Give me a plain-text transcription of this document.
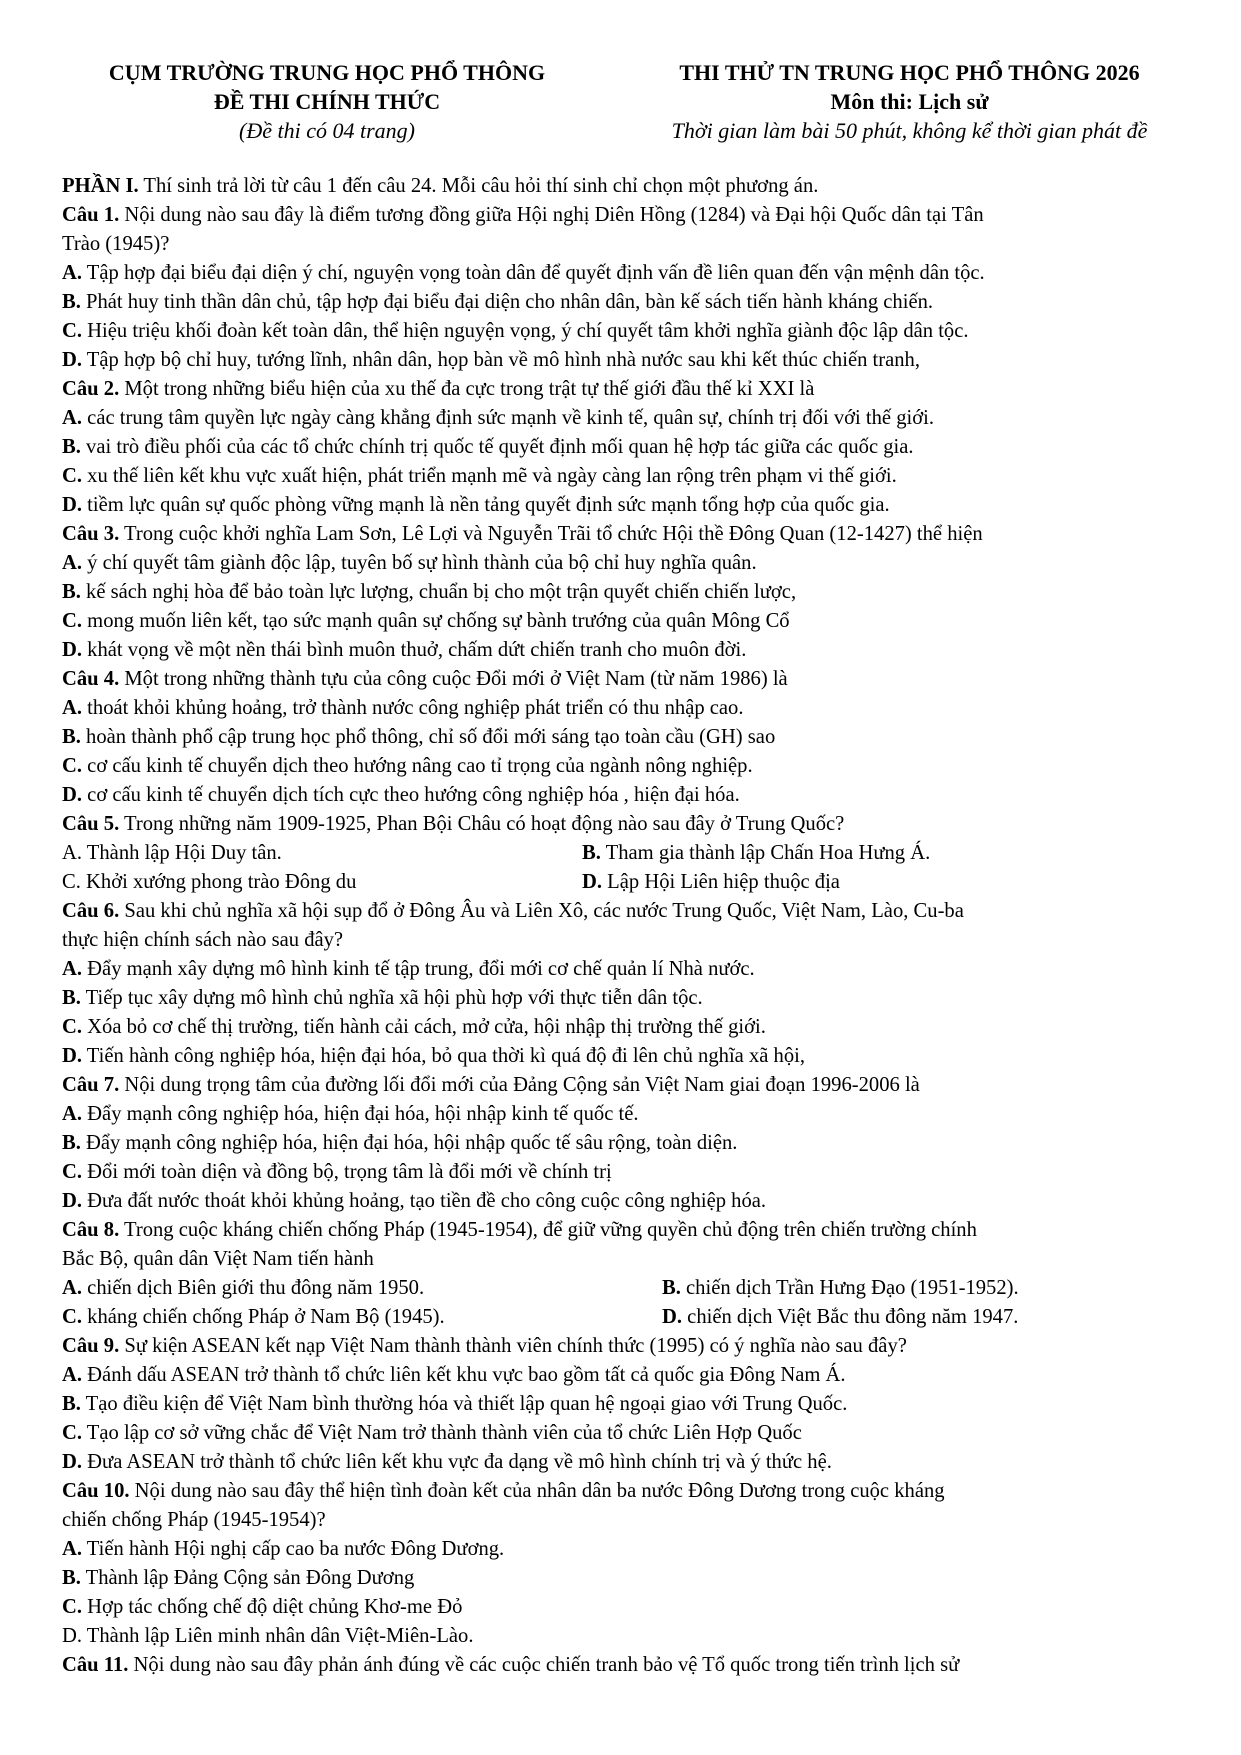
CỤM TRƯỜNG TRUNG HỌC PHỔ THÔNG
ĐỀ THI CHÍNH THỨC
(Đề thi có 04 trang)
THI THỬ TN TRUNG HỌC PHỔ THÔNG 2026
Môn thi: Lịch sử
Thời gian làm bài 50 phút, không kể thời gian phát đề
PHẦN I. Thí sinh trả lời từ câu 1 đến câu 24. Mỗi câu hỏi thí sinh chỉ chọn một phương án.
Câu 1. Nội dung nào sau đây là điểm tương đồng giữa Hội nghị Diên Hồng (1284) và Đại hội Quốc dân tại Tân
Trào (1945)?
A. Tập hợp đại biểu đại diện ý chí, nguyện vọng toàn dân để quyết định vấn đề liên quan đến vận mệnh dân tộc.
B. Phát huy tinh thần dân chủ, tập hợp đại biểu đại diện cho nhân dân, bàn kế sách tiến hành kháng chiến.
C. Hiệu triệu khối đoàn kết toàn dân, thể hiện nguyện vọng, ý chí quyết tâm khởi nghĩa giành độc lập dân tộc.
D. Tập hợp bộ chỉ huy, tướng lĩnh, nhân dân, họp bàn về mô hình nhà nước sau khi kết thúc chiến tranh,
Câu 2. Một trong những biểu hiện của xu thế đa cực trong trật tự thế giới đầu thế kỉ XXI là
A. các trung tâm quyền lực ngày càng khẳng định sức mạnh về kinh tế, quân sự, chính trị đối với thế giới.
B. vai trò điều phối của các tổ chức chính trị quốc tế quyết định mối quan hệ hợp tác giữa các quốc gia.
C. xu thế liên kết khu vực xuất hiện, phát triển mạnh mẽ và ngày càng lan rộng trên phạm vi thế giới.
D. tiềm lực quân sự quốc phòng vững mạnh là nền tảng quyết định sức mạnh tổng hợp của quốc gia.
Câu 3. Trong cuộc khởi nghĩa Lam Sơn, Lê Lợi và Nguyễn Trãi tổ chức Hội thề Đông Quan (12-1427) thể hiện
A. ý chí quyết tâm giành độc lập, tuyên bố sự hình thành của bộ chỉ huy nghĩa quân.
B. kế sách nghị hòa để bảo toàn lực lượng, chuẩn bị cho một trận quyết chiến chiến lược,
C. mong muốn liên kết, tạo sức mạnh quân sự chống sự bành trướng của quân Mông Cổ
D. khát vọng về một nền thái bình muôn thuở, chấm dứt chiến tranh cho muôn đời.
Câu 4. Một trong những thành tựu của công cuộc Đổi mới ở Việt Nam (từ năm 1986) là
A. thoát khỏi khủng hoảng, trở thành nước công nghiệp phát triển có thu nhập cao.
B. hoàn thành phổ cập trung học phổ thông, chỉ số đổi mới sáng tạo toàn cầu (GH) sao
C. cơ cấu kinh tế chuyển dịch theo hướng nâng cao tỉ trọng của ngành nông nghiệp.
D. cơ cấu kinh tế chuyển dịch tích cực theo hướng công nghiệp hóa , hiện đại hóa.
Câu 5. Trong những năm 1909-1925, Phan Bội Châu có hoạt động nào sau đây ở Trung Quốc?
A. Thành lập Hội Duy tân.	B. Tham gia thành lập Chấn Hoa Hưng Á.
C. Khởi xướng phong trào Đông du	D. Lập Hội Liên hiệp thuộc địa
Câu 6. Sau khi chủ nghĩa xã hội sụp đổ ở Đông Âu và Liên Xô, các nước Trung Quốc, Việt Nam, Lào, Cu-ba
thực hiện chính sách nào sau đây?
A. Đẩy mạnh xây dựng mô hình kinh tế tập trung, đổi mới cơ chế quản lí Nhà nước.
B. Tiếp tục xây dựng mô hình chủ nghĩa xã hội phù hợp với thực tiễn dân tộc.
C. Xóa bỏ cơ chế thị trường, tiến hành cải cách, mở cửa, hội nhập thị trường thế giới.
D. Tiến hành công nghiệp hóa, hiện đại hóa, bỏ qua thời kì quá độ đi lên chủ nghĩa xã hội,
Câu 7. Nội dung trọng tâm của đường lối đổi mới của Đảng Cộng sản Việt Nam giai đoạn 1996-2006 là
A. Đẩy mạnh công nghiệp hóa, hiện đại hóa, hội nhập kinh tế quốc tế.
B. Đẩy mạnh công nghiệp hóa, hiện đại hóa, hội nhập quốc tế sâu rộng, toàn diện.
C. Đổi mới toàn diện và đồng bộ, trọng tâm là đổi mới về chính trị
D. Đưa đất nước thoát khỏi khủng hoảng, tạo tiền đề cho công cuộc công nghiệp hóa.
Câu 8. Trong cuộc kháng chiến chống Pháp (1945-1954), để giữ vững quyền chủ động trên chiến trường chính
Bắc Bộ, quân dân Việt Nam tiến hành
A. chiến dịch Biên giới thu đông năm 1950.	B. chiến dịch Trần Hưng Đạo (1951-1952).
C. kháng chiến chống Pháp ở Nam Bộ (1945).	D. chiến dịch Việt Bắc thu đông năm 1947.
Câu 9. Sự kiện ASEAN kết nạp Việt Nam thành thành viên chính thức (1995) có ý nghĩa nào sau đây?
A. Đánh dấu ASEAN trở thành tổ chức liên kết khu vực bao gồm tất cả quốc gia Đông Nam Á.
B. Tạo điều kiện để Việt Nam bình thường hóa và thiết lập quan hệ ngoại giao với Trung Quốc.
C. Tạo lập cơ sở vững chắc để Việt Nam trở thành thành viên của tổ chức Liên Hợp Quốc
D. Đưa ASEAN trở thành tổ chức liên kết khu vực đa dạng về mô hình chính trị và ý thức hệ.
Câu 10. Nội dung nào sau đây thể hiện tình đoàn kết của nhân dân ba nước Đông Dương trong cuộc kháng
chiến chống Pháp (1945-1954)?
A. Tiến hành Hội nghị cấp cao ba nước Đông Dương.
B. Thành lập Đảng Cộng sản Đông Dương
C. Hợp tác chống chế độ diệt chủng Khơ-me Đỏ
D. Thành lập Liên minh nhân dân Việt-Miên-Lào.
Câu 11. Nội dung nào sau đây phản ánh đúng về các cuộc chiến tranh bảo vệ Tổ quốc trong tiến trình lịch sử
